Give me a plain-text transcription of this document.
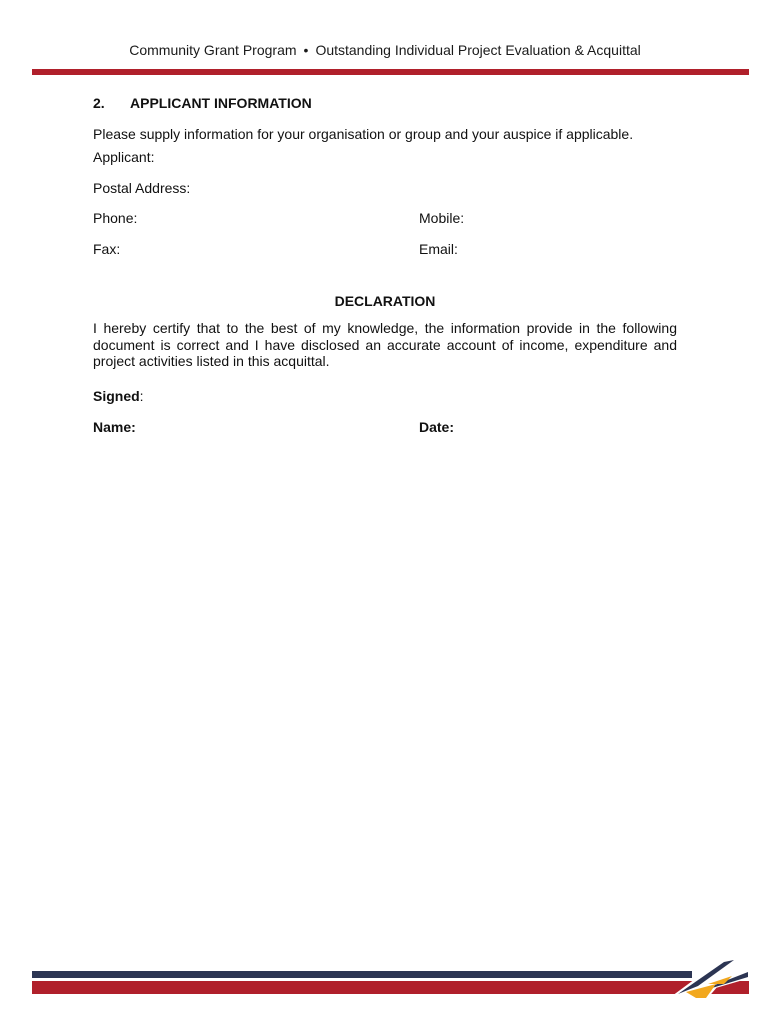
Community Grant Program • Outstanding Individual Project Evaluation & Acquittal
2. APPLICANT INFORMATION
Please supply information for your organisation or group and your auspice if applicable.
Applicant:
Postal Address:
Phone:	Mobile:
Fax:	Email:
DECLARATION
I hereby certify that to the best of my knowledge, the information provide in the following document is correct and I have disclosed an accurate account of income, expenditure and project activities listed in this acquittal.
Signed:
Name:	Date:
